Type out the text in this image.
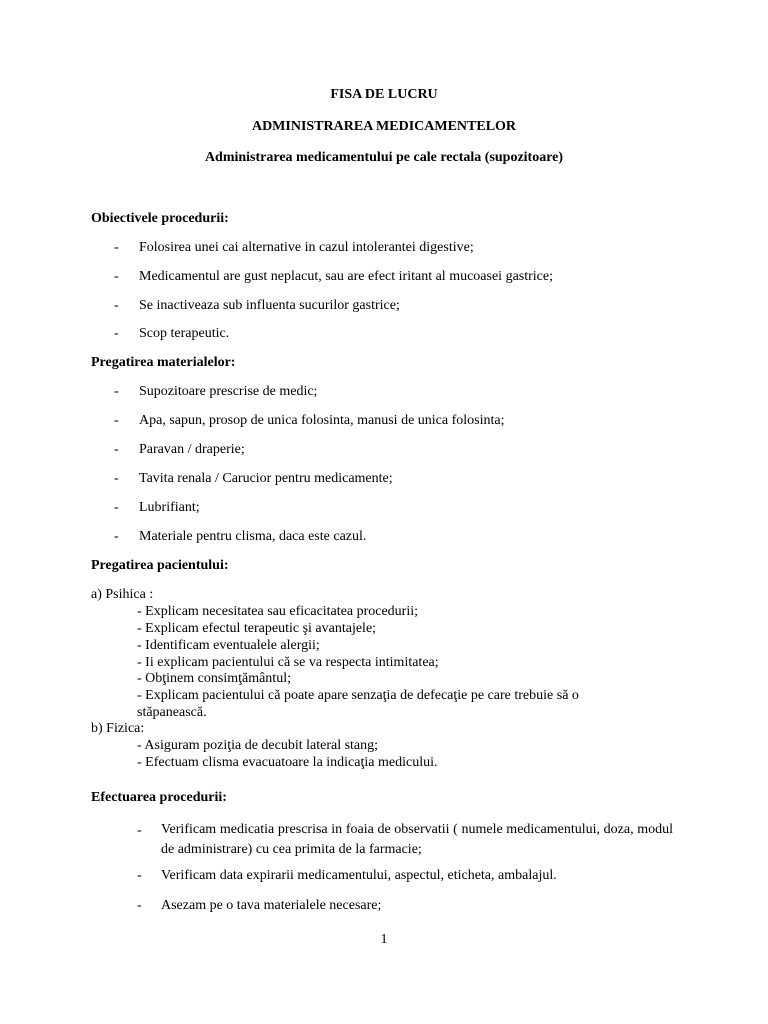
FISA DE LUCRU
ADMINISTRAREA MEDICAMENTELOR
Administrarea medicamentului pe cale rectala (supozitoare)
Obiectivele procedurii:
- Folosirea unei cai alternative in cazul intolerantei digestive;
- Medicamentul are gust neplacut, sau are efect iritant al mucoasei gastrice;
- Se inactiveaza sub influenta sucurilor gastrice;
- Scop terapeutic.
Pregatirea materialelor:
- Supozitoare prescrise de medic;
- Apa, sapun, prosop de unica folosinta, manusi de unica folosinta;
- Paravan / draperie;
- Tavita renala / Carucior pentru medicamente;
- Lubrifiant;
- Materiale pentru clisma, daca este cazul.
Pregatirea pacientului:
a) Psihica :
- Explicam necesitatea sau eficacitatea procedurii;
- Explicam efectul terapeutic şi avantajele;
- Identificam eventualele alergii;
- Ii explicam pacientului că se va respecta intimitatea;
- Obţinem consimţământul;
- Explicam pacientului că poate apare senzaţia de defecaţie pe care trebuie să o
stăpanească.
b) Fizica:
- Asiguram poziţia de decubit lateral stang;
- Efectuam clisma evacuatoare la indicaţia medicului.
Efectuarea procedurii:
- Verificam medicatia prescrisa in foaia de observatii ( numele medicamentului, doza, modul de administrare) cu cea primita de la farmacie;
- Verificam data expirarii medicamentului, aspectul, eticheta, ambalajul.
- Asezam pe o tava materialele necesare;
1
